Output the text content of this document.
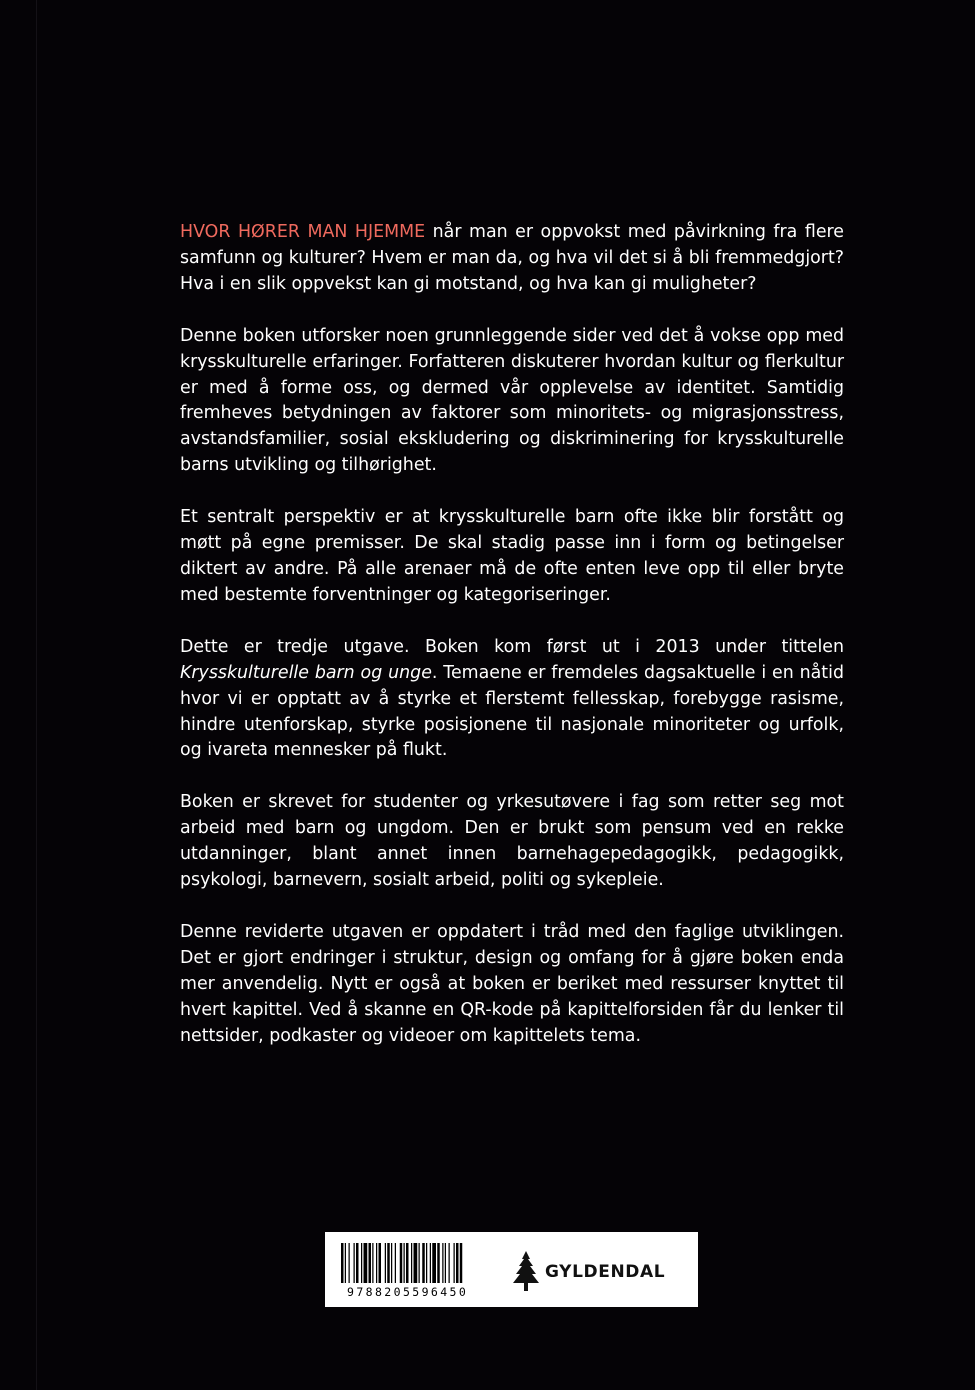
HVOR HØRER MAN HJEMME når man er oppvokst med påvirkning fra flere samfunn og kulturer? Hvem er man da, og hva vil det si å bli fremmedgjort? Hva i en slik oppvekst kan gi motstand, og hva kan gi muligheter?

Denne boken utforsker noen grunnleggende sider ved det å vokse opp med krysskulturelle erfaringer. Forfatteren diskuterer hvordan kultur og flerkultur er med å forme oss, og dermed vår opplevelse av identitet. Samtidig fremheves betydningen av faktorer som minoritets- og migrasjonsstress, avstandsfamilier, sosial ekskludering og diskriminering for krysskulturelle barns utvikling og tilhørighet.

Et sentralt perspektiv er at krysskulturelle barn ofte ikke blir forstått og møtt på egne premisser. De skal stadig passe inn i form og betingelser diktert av andre. På alle arenaer må de ofte enten leve opp til eller bryte med bestemte forventninger og kategoriseringer.

Dette er tredje utgave. Boken kom først ut i 2013 under tittelen Krysskulturelle barn og unge. Temaene er fremdeles dagsaktuelle i en nåtid hvor vi er opptatt av å styrke et flerstemt fellesskap, forebygge rasisme, hindre utenforskap, styrke posisjonene til nasjonale minoriteter og urfolk, og ivareta mennesker på flukt.

Boken er skrevet for studenter og yrkesutøvere i fag som retter seg mot arbeid med barn og ungdom. Den er brukt som pensum ved en rekke utdanninger, blant annet innen barnehagepedagogikk, pedagogikk, psykologi, barnevern, sosialt arbeid, politi og sykepleie.

Denne reviderte utgaven er oppdatert i tråd med den faglige utviklingen. Det er gjort endringer i struktur, design og omfang for å gjøre boken enda mer anvendelig. Nytt er også at boken er beriket med ressurser knyttet til hvert kapittel. Ved å skanne en QR-kode på kapittelforsiden får du lenker til nettsider, podkaster og videoer om kapittelets tema.

9788205596450
GYLDENDAL
